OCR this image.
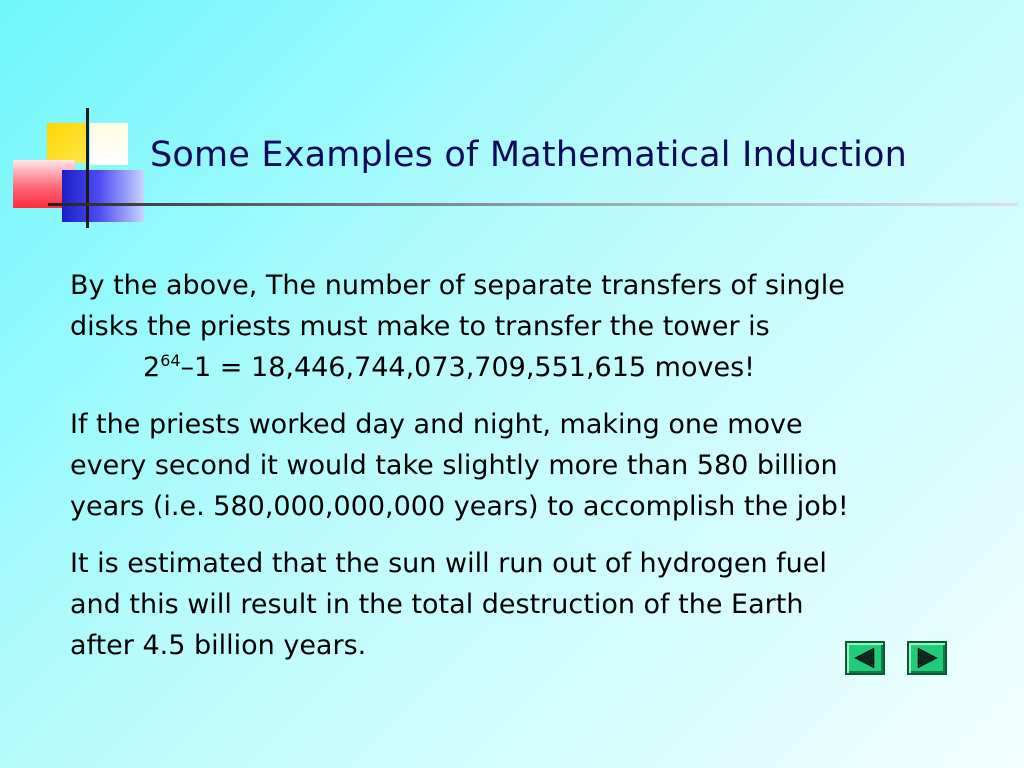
Some Examples of Mathematical Induction

By the above, The number of separate transfers of single
disks the priests must make to transfer the tower is
$2^{64}-1 = 18,446,744,073,709,551,615$ moves!

If the priests worked day and night, making one move
every second it would take slightly more than 580 billion
years (i.e. 580,000,000,000 years) to accomplish the job!

It is estimated that the sun will run out of hydrogen fuel
and this will result in the total destruction of the Earth
after 4.5 billion years.
